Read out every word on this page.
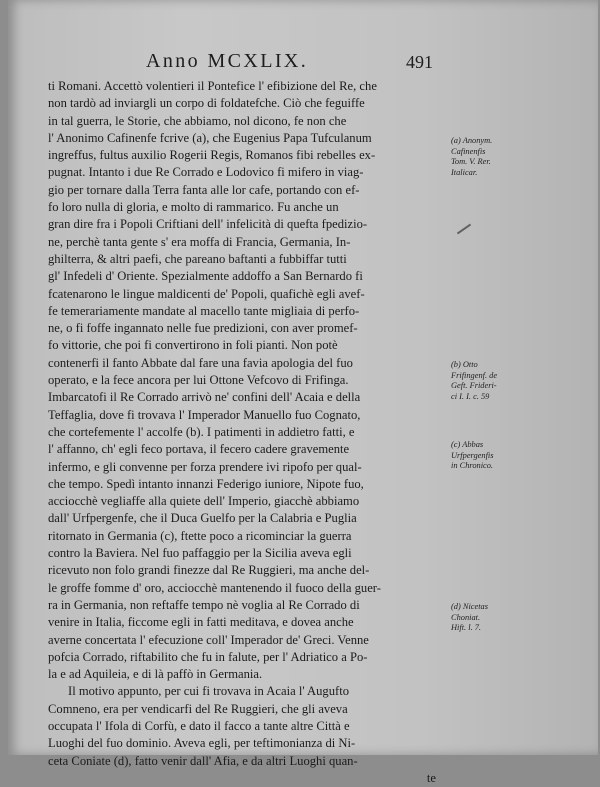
Anno MCXLIX.	491
ti Romani. Accettò volentieri il Pontefice l' efibizione del Re, che
non tardò ad inviargli un corpo di foldatefche. Ciò che feguiffe
in tal guerra, le Storie, che abbiamo, nol dicono, fe non che
l' Anonimo Cafinenfe fcrive (a), che Eugenius Papa Tufculanum
ingreffus, fultus auxilio Rogerii Regis, Romanos fibi rebelles ex-
pugnat. Intanto i due Re Corrado e Lodovico fi mifero in viag-
gio per tornare dalla Terra fanta alle lor cafe, portando con ef-
fo loro nulla di gloria, e molto di rammarico. Fu anche un
gran dire fra i Popoli Criftiani dell' infelicità di quefta fpedizio-
ne, perchè tanta gente s' era moffa di Francia, Germania, In-
ghilterra, & altri paefi, che pareano baftanti a fubbiffar tutti
gl' Infedeli d' Oriente. Spezialmente addoffo a San Bernardo fi
fcatenarono le lingue maldicenti de' Popoli, quafichè egli avef-
fe temerariamente mandate al macello tante migliaia di perfo-
ne, o fi foffe ingannato nelle fue predizioni, con aver promef-
fo vittorie, che poi fi convertirono in foli pianti. Non potè
contenerfi il fanto Abbate dal fare una favia apologia del fuo
operato, e la fece ancora per lui Ottone Vefcovo di Frifinga.
Imbarcatofi il Re Corrado arrivò ne' confini dell' Acaia e della
Teffaglia, dove fi trovava l' Imperador Manuello fuo Cognato,
che cortefemente l' accolfe (b). I patimenti in addietro fatti, e
l' affanno, ch' egli feco portava, il fecero cadere gravemente
infermo, e gli convenne per forza prendere ivi ripofo per qual-
che tempo. Spedì intanto innanzi Federigo iuniore, Nipote fuo,
acciocchè vegliaffe alla quiete dell' Imperio, giacchè abbiamo
dall' Urfpergenfe, che il Duca Guelfo per la Calabria e Puglia
ritornato in Germania (c), ftette poco a ricominciar la guerra
contro la Baviera. Nel fuo paffaggio per la Sicilia aveva egli
ricevuto non folo grandi finezze dal Re Ruggieri, ma anche del-
le groffe fomme d' oro, acciocchè mantenendo il fuoco della guer-
ra in Germania, non reftaffe tempo nè voglia al Re Corrado di
venire in Italia, ficcome egli in fatti meditava, e dovea anche
averne concertata l' efecuzione coll' Imperador de' Greci. Venne
pofcia Corrado, riftabilito che fu in falute, per l' Adriatico a Po-
la e ad Aquileia, e di là paffò in Germania.
Il motivo appunto, per cui fi trovava in Acaia l' Augufto
Comneno, era per vendicarfi del Re Ruggieri, che gli aveva
occupata l' Ifola di Corfù, e dato il facco a tante altre Città e
Luoghi del fuo dominio. Aveva egli, per teftimonianza di Ni-
ceta Coniate (d), fatto venir dall' Afia, e da altri Luoghi quan-
te
(a) Anonym.
Cafinenfis
Tom. V. Rer.
Italicar.
(b) Otto
Frifingenf. de
Geft. Frideri-
ci I. I. c. 59
(c) Abbas
Urfpergenfis
in Chronico.
(d) Nicetas
Choniat.
Hift. l. 7.
